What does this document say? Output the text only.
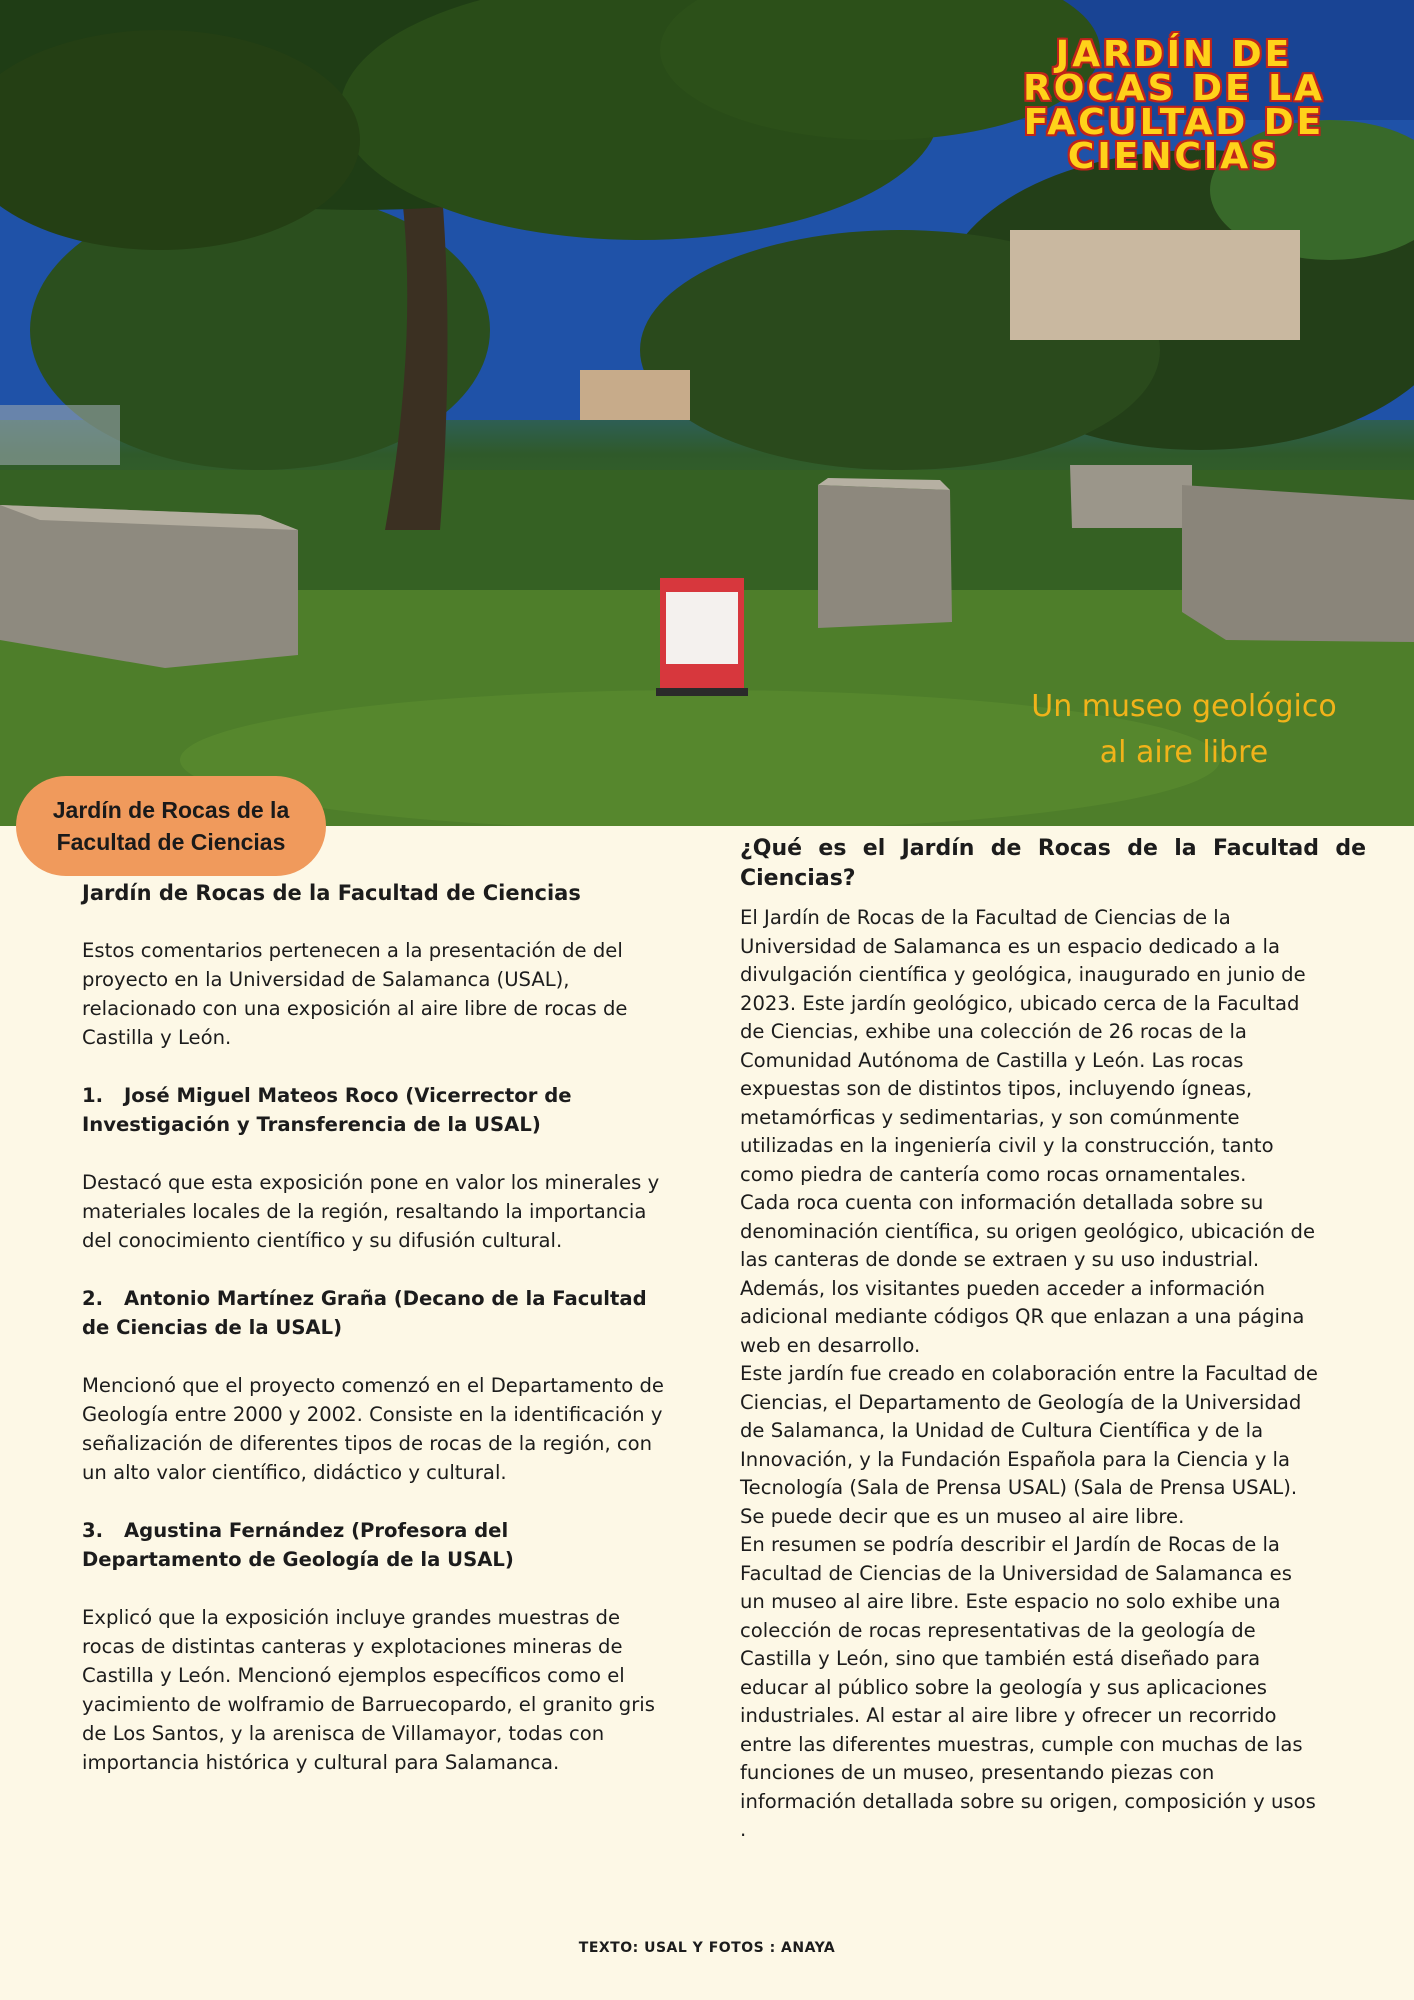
JARDÍN DE
ROCAS DE LA
FACULTAD DE
CIENCIAS
Un museo geológico
al aire libre
Jardín de Rocas de la
Facultad de Ciencias
Jardín de Rocas de la Facultad de Ciencias

Estos comentarios pertenecen a la presentación de del proyecto en la Universidad de Salamanca (USAL), relacionado con una exposición al aire libre de rocas de Castilla y León.

1. José Miguel Mateos Roco (Vicerrector de Investigación y Transferencia de la USAL)

Destacó que esta exposición pone en valor los minerales y materiales locales de la región, resaltando la importancia del conocimiento científico y su difusión cultural.

2. Antonio Martínez Graña (Decano de la Facultad de Ciencias de la USAL)

Mencionó que el proyecto comenzó en el Departamento de Geología entre 2000 y 2002. Consiste en la identificación y señalización de diferentes tipos de rocas de la región, con un alto valor científico, didáctico y cultural.

3. Agustina Fernández (Profesora del Departamento de Geología de la USAL)

Explicó que la exposición incluye grandes muestras de rocas de distintas canteras y explotaciones mineras de Castilla y León. Mencionó ejemplos específicos como el yacimiento de wolframio de Barruecopardo, el granito gris de Los Santos, y la arenisca de Villamayor, todas con importancia histórica y cultural para Salamanca.

¿Qué es el Jardín de Rocas de la Facultad de Ciencias?

El Jardín de Rocas de la Facultad de Ciencias de la Universidad de Salamanca es un espacio dedicado a la divulgación científica y geológica, inaugurado en junio de 2023. Este jardín geológico, ubicado cerca de la Facultad de Ciencias, exhibe una colección de 26 rocas de la Comunidad Autónoma de Castilla y León. Las rocas expuestas son de distintos tipos, incluyendo ígneas, metamórficas y sedimentarias, y son comúnmente utilizadas en la ingeniería civil y la construcción, tanto como piedra de cantería como rocas ornamentales.

Cada roca cuenta con información detallada sobre su denominación científica, su origen geológico, ubicación de las canteras de donde se extraen y su uso industrial. Además, los visitantes pueden acceder a información adicional mediante códigos QR que enlazan a una página web en desarrollo.

Este jardín fue creado en colaboración entre la Facultad de Ciencias, el Departamento de Geología de la Universidad de Salamanca, la Unidad de Cultura Científica y de la Innovación, y la Fundación Española para la Ciencia y la Tecnología (Sala de Prensa USAL) (Sala de Prensa USAL).

Se puede decir que es un museo al aire libre.

En resumen se podría describir el Jardín de Rocas de la Facultad de Ciencias de la Universidad de Salamanca es un museo al aire libre. Este espacio no solo exhibe una colección de rocas representativas de la geología de Castilla y León, sino que también está diseñado para educar al público sobre la geología y sus aplicaciones industriales. Al estar al aire libre y ofrecer un recorrido entre las diferentes muestras, cumple con muchas de las funciones de un museo, presentando piezas con información detallada sobre su origen, composición y usos .

TEXTO: USAL Y FOTOS : ANAYA
